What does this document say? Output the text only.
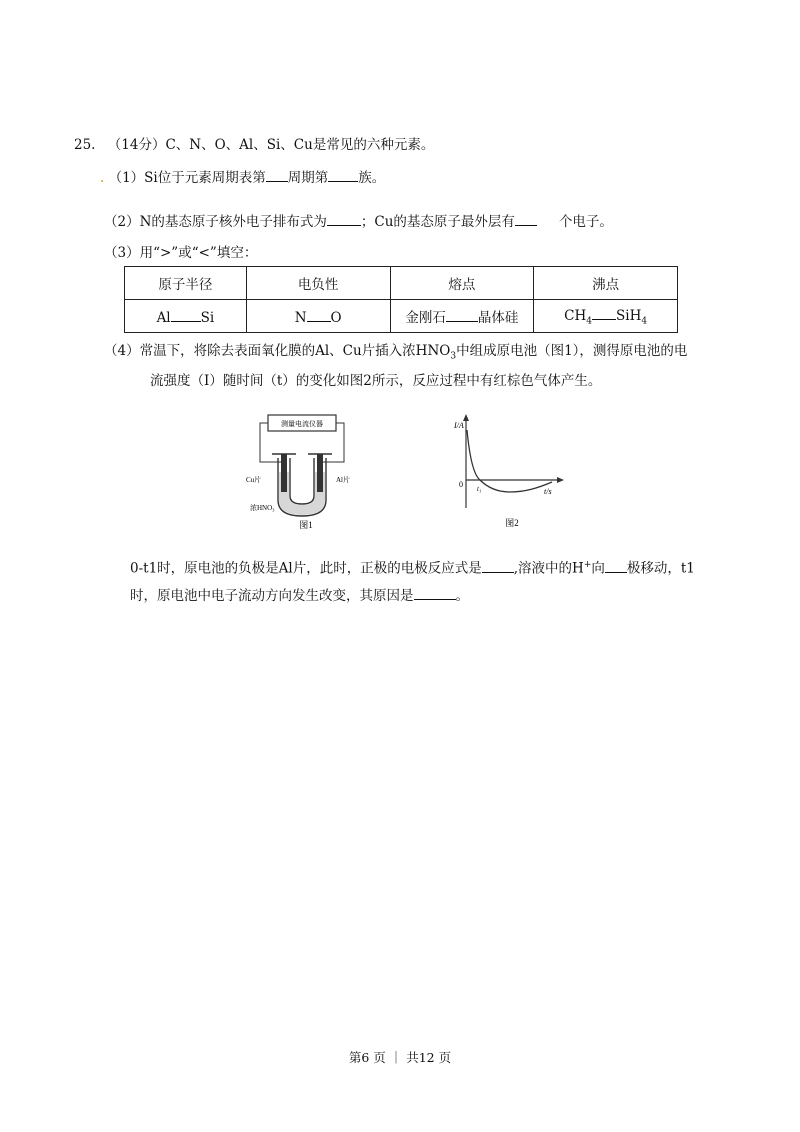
25. （14分）C、N、O、Al、Si、Cu是常见的六种元素。
. （1）Si位于元素周期表第 周期第 族。
（2）N的基态原子核外电子排布式为	；Cu的基态原子最外层有	个电子。
（3）用“>”或“<”填空：
原子半径	电负性	熔点	沸点
Al Si	N O	金刚石 晶体硅	$CH_4$ SiH$_4$
（4）常温下，将除去表面氧化膜的Al、Cu片插入浓$HNO_3$中组成原电池（图1），测得原电池的电
流强度（I）随时间（t）的变化如图2所示，反应过程中有红棕色气体产生。
测量电流仪器
Cu片	Al片
浓HNO₃
图1
I/A
t/s
0 t₁
图2
0-t1时，原电池的负极是Al片，此时，正极的电极反应式是 ,溶液中的H+向 极移动，t1
时，原电池中电子流动方向发生改变，其原因是	。
第6 页 ｜ 共12 页
